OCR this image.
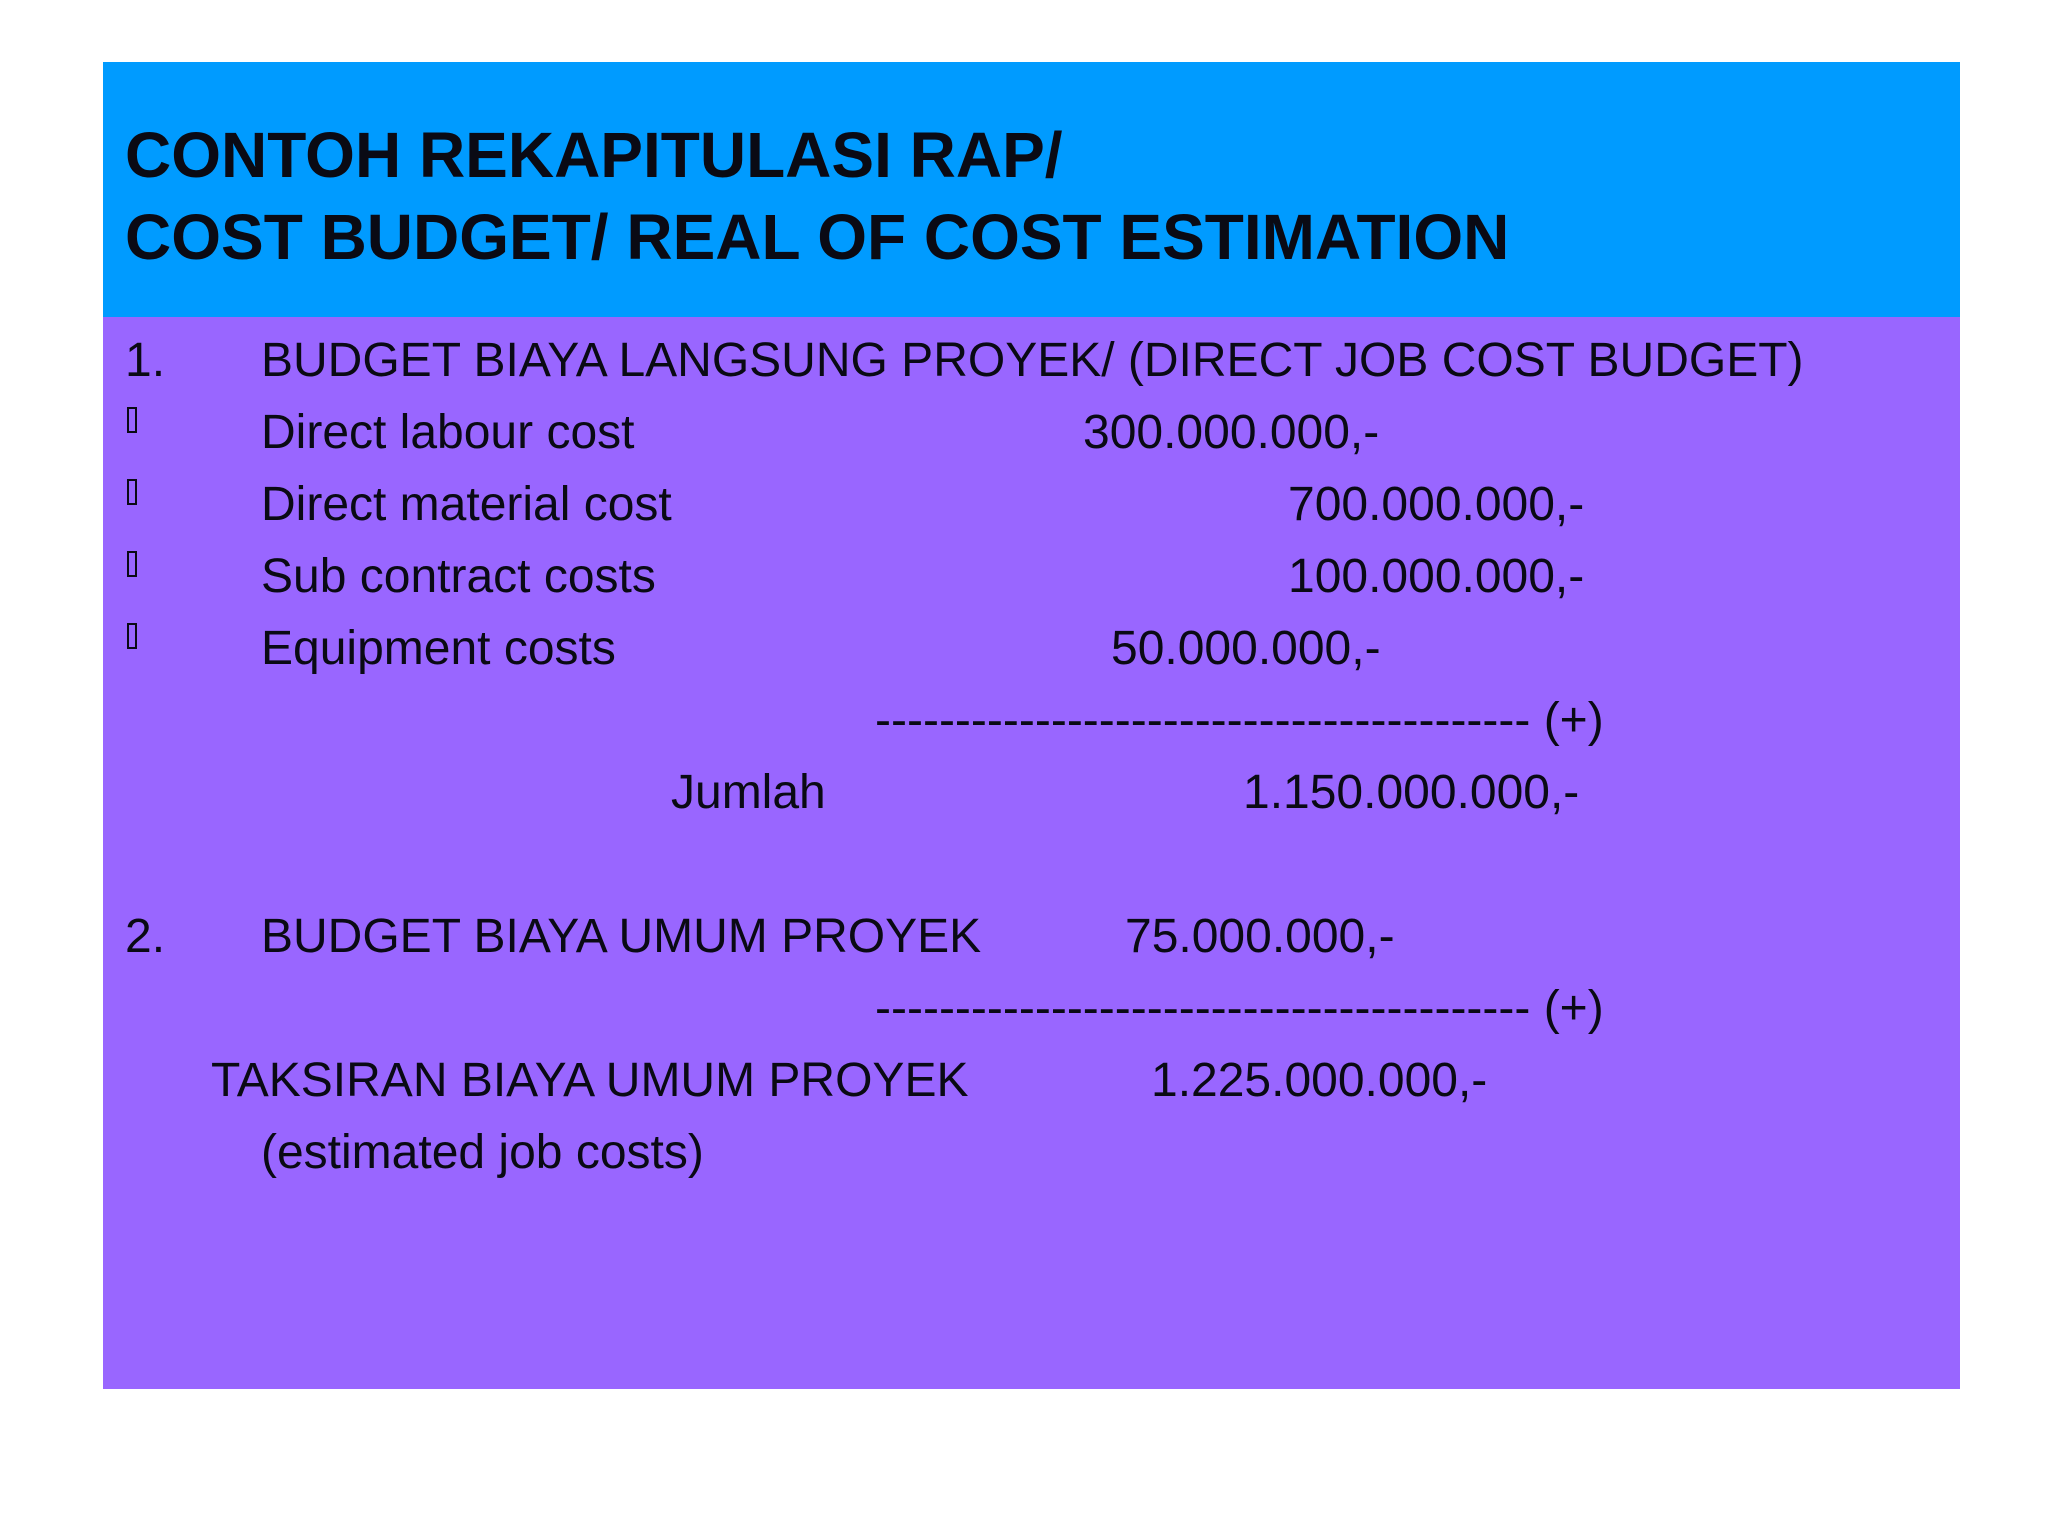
CONTOH REKAPITULASI RAP/
COST BUDGET/ REAL OF COST ESTIMATION
1. BUDGET BIAYA LANGSUNG PROYEK/ (DIRECT JOB COST BUDGET)
Direct labour cost	300.000.000,-
Direct material cost	700.000.000,-
Sub contract costs	100.000.000,-
Equipment costs	50.000.000,-
----------------------------------------- (+)
Jumlah	1.150.000.000,-
2. BUDGET BIAYA UMUM PROYEK	75.000.000,-
----------------------------------------- (+)
TAKSIRAN BIAYA UMUM PROYEK	1.225.000.000,-
(estimated job costs)
